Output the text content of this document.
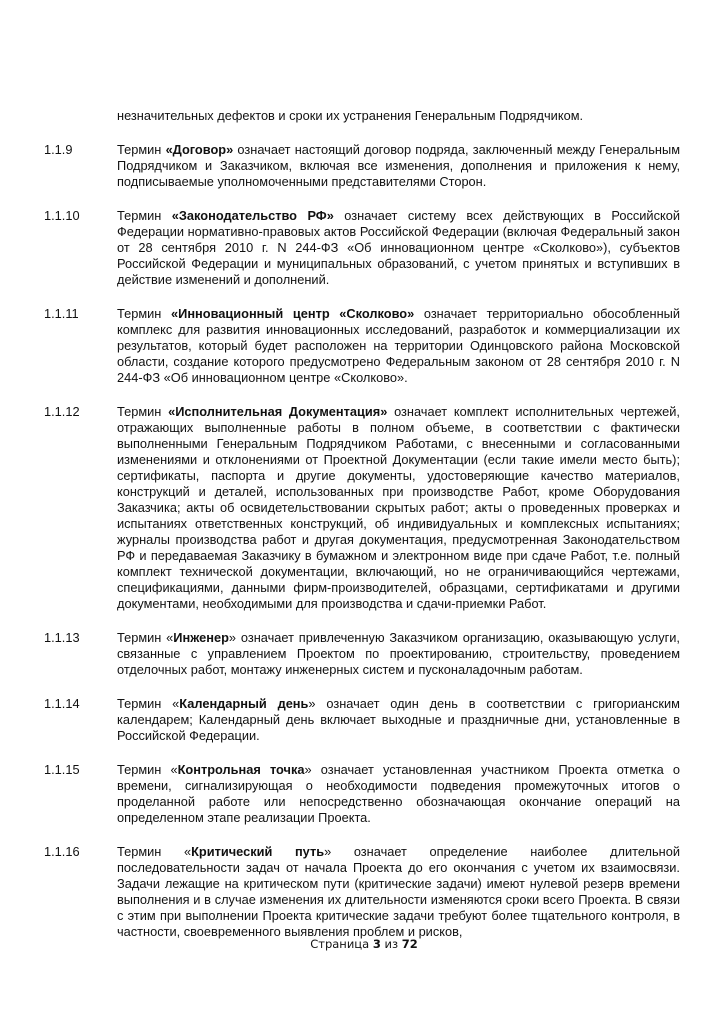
незначительных дефектов и сроки их устранения Генеральным Подрядчиком.
1.1.9	Термин «Договор» означает настоящий договор подряда, заключенный между Генеральным Подрядчиком и Заказчиком, включая все изменения, дополнения и приложения к нему, подписываемые уполномоченными представителями Сторон.
1.1.10	Термин «Законодательство РФ» означает систему всех действующих в Российской Федерации нормативно-правовых актов Российской Федерации (включая Федеральный закон от 28 сентября 2010 г. N 244-ФЗ «Об инновационном центре «Сколково»), субъектов Российской Федерации и муниципальных образований, с учетом принятых и вступивших в действие изменений и дополнений.
1.1.11	Термин «Инновационный центр «Сколково» означает территориально обособленный комплекс для развития инновационных исследований, разработок и коммерциализации их результатов, который будет расположен на территории Одинцовского района Московской области, создание которого предусмотрено Федеральным законом от 28 сентября 2010 г. N 244-ФЗ «Об инновационном центре «Сколково».
1.1.12	Термин «Исполнительная Документация» означает комплект исполнительных чертежей, отражающих выполненные работы в полном объеме, в соответствии с фактически выполненными Генеральным Подрядчиком Работами, с внесенными и согласованными изменениями и отклонениями от Проектной Документации (если такие имели место быть); сертификаты, паспорта и другие документы, удостоверяющие качество материалов, конструкций и деталей, использованных при производстве Работ, кроме Оборудования Заказчика; акты об освидетельствовании скрытых работ; акты о проведенных проверках и испытаниях ответственных конструкций, об индивидуальных и комплексных испытаниях; журналы производства работ и другая документация, предусмотренная Законодательством РФ и передаваемая Заказчику в бумажном и электронном виде при сдаче Работ, т.е. полный комплект технической документации, включающий, но не ограничивающийся чертежами, спецификациями, данными фирм-производителей, образцами, сертификатами и другими документами, необходимыми для производства и сдачи-приемки Работ.
1.1.13	Термин «Инженер» означает привлеченную Заказчиком организацию, оказывающую услуги, связанные с управлением Проектом по проектированию, строительству, проведением отделочных работ, монтажу инженерных систем и пусконаладочным работам.
1.1.14	Термин «Календарный день» означает один день в соответствии с григорианским календарем; Календарный день включает выходные и праздничные дни, установленные в Российской Федерации.
1.1.15	Термин «Контрольная точка» означает установленная участником Проекта отметка о времени, сигнализирующая о необходимости подведения промежуточных итогов о проделанной работе или непосредственно обозначающая окончание операций на определенном этапе реализации Проекта.
1.1.16	Термин «Критический путь» означает определение наиболее длительной последовательности задач от начала Проекта до его окончания с учетом их взаимосвязи. Задачи лежащие на критическом пути (критические задачи) имеют нулевой резерв времени выполнения и в случае изменения их длительности изменяются сроки всего Проекта. В связи с этим при выполнении Проекта критические задачи требуют более тщательного контроля, в частности, своевременного выявления проблем и рисков,
Страница 3 из 72
